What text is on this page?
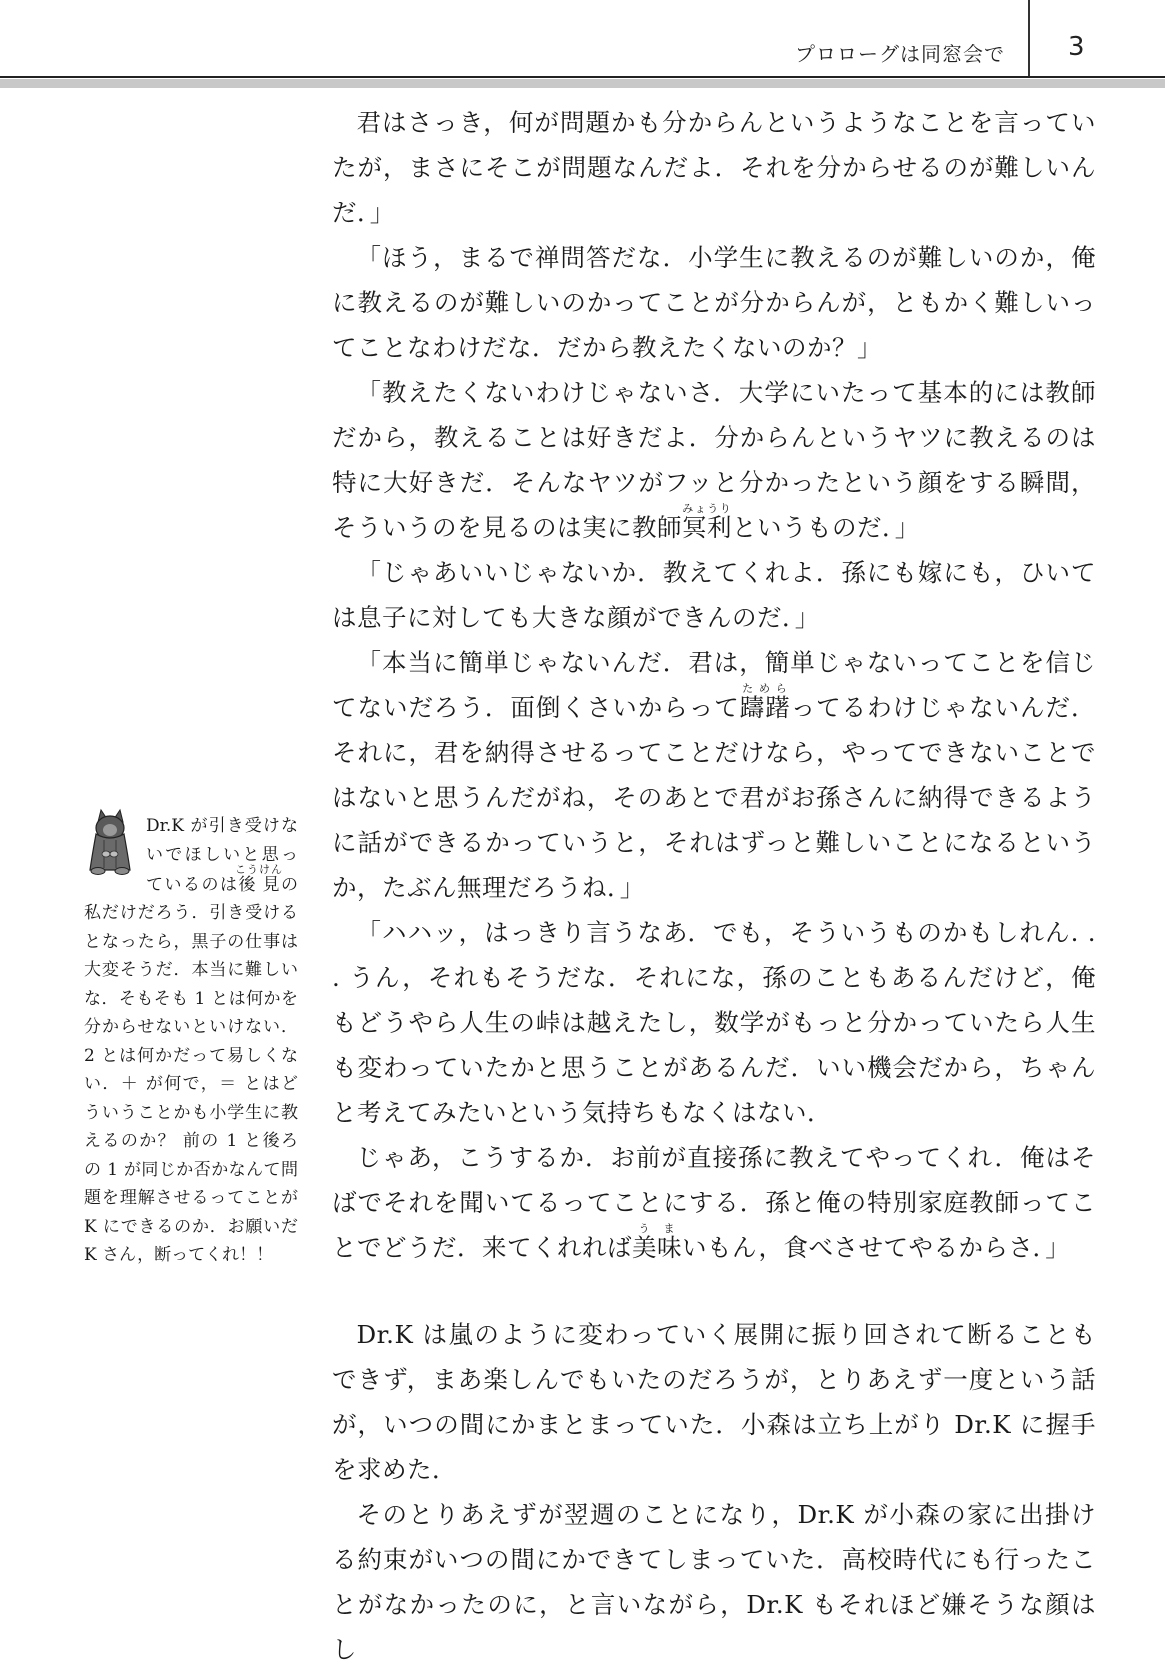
プロローグは同窓会で 3
Dr.K が引き受けないでほしいと思っているのは後見こうけんの私だけだろう．引き受けるとなったら，黒子の仕事は大変そうだ．本当に難しいな．そもそも 1 とは何かを分からせないといけない．2 とは何かだって易しくない．＋ が何で，＝ とはどういうことかも小学生に教えるのか？ 前の 1 と後ろの 1 が同じか否かなんて問題を理解させるってことが K にできるのか．お願いだ K さん，断ってくれ！！

君はさっき，何が問題かも分からんというようなことを言っていたが，まさにそこが問題なんだよ．それを分からせるのが難しいんだ．」

「ほう，まるで禅問答だな．小学生に教えるのが難しいのか，俺に教えるのが難しいのかってことが分からんが，ともかく難しいってことなわけだな．だから教えたくないのか？」

「教えたくないわけじゃないさ．大学にいたって基本的には教師だから，教えることは好きだよ．分からんというヤツに教えるのは特に大好きだ．そんなヤツがフッと分かったという顔をする瞬間，そういうのを見るのは実に教師冥利みょうりというものだ．」

「じゃあいいじゃないか．教えてくれよ．孫にも嫁にも，ひいては息子に対しても大きな顔ができんのだ．」

「本当に簡単じゃないんだ．君は，簡単じゃないってことを信じてないだろう．面倒くさいからって躊躇ためらってるわけじゃないんだ．それに，君を納得させるってことだけなら，やってできないことではないと思うんだがね，そのあとで君がお孫さんに納得できるように話ができるかっていうと，それはずっと難しいことになるというか，たぶん無理だろうね．」

「ハハッ，はっきり言うなあ．でも，そういうものかもしれん. . . うん，それもそうだな．それにな，孫のこともあるんだけど，俺もどうやら人生の峠は越えたし，数学がもっと分かっていたら人生も変わっていたかと思うことがあるんだ．いい機会だから，ちゃんと考えてみたいという気持ちもなくはない．

じゃあ，こうするか．お前が直接孫に教えてやってくれ．俺はそばでそれを聞いてるってことにする．孫と俺の特別家庭教師ってことでどうだ．来てくれれば美味うまいもん，食べさせてやるからさ．」

Dr.K は嵐のように変わっていく展開に振り回されて断ることもできず，まあ楽しんでもいたのだろうが，とりあえず一度という話が，いつの間にかまとまっていた．小森は立ち上がり Dr.K に握手を求めた．

そのとりあえずが翌週のことになり，Dr.K が小森の家に出掛ける約束がいつの間にかできてしまっていた．高校時代にも行ったことがなかったのに，と言いながら，Dr.K もそれほど嫌そうな顔はし
